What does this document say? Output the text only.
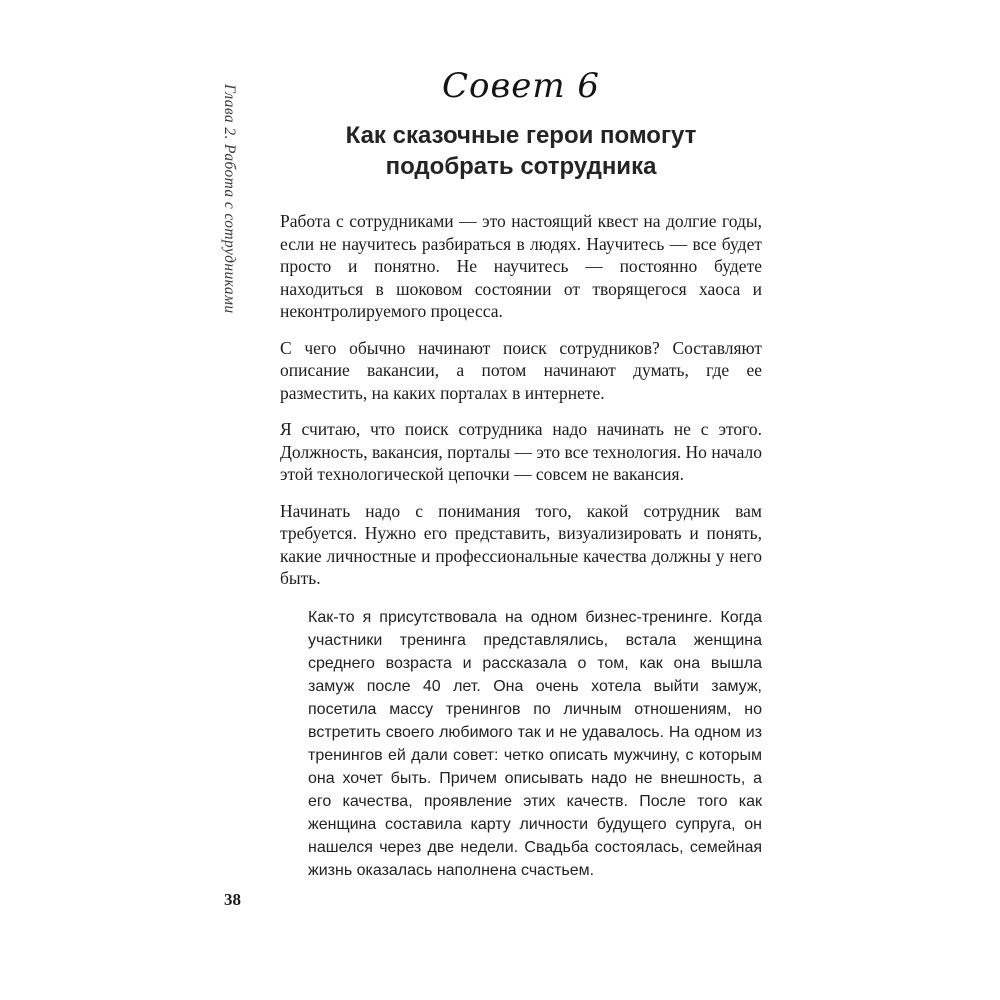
Глава 2. Работа с сотрудниками	Совет 6
Как сказочные герои помогут
подобрать сотрудника

Работа с сотрудниками — это настоящий квест на долгие годы, если не научитесь разбираться в людях. Научитесь — все будет просто и понятно. Не научитесь — постоянно будете находиться в шоковом состоянии от творящегося хаоса и неконтролируемого процесса.

С чего обычно начинают поиск сотрудников? Составляют описание вакансии, а потом начинают думать, где ее разместить, на каких порталах в интернете.

Я считаю, что поиск сотрудника надо начинать не с этого. Должность, вакансия, порталы — это все технология. Но начало этой технологической цепочки — совсем не вакансия.

Начинать надо с понимания того, какой сотрудник вам требуется. Нужно его представить, визуализировать и понять, какие личностные и профессиональные качества должны у него быть.

Как-то я присутствовала на одном бизнес-тренинге. Когда участники тренинга представлялись, встала женщина среднего возраста и рассказала о том, как она вышла замуж после 40 лет. Она очень хотела выйти замуж, посетила массу тренингов по личным отношениям, но встретить своего любимого так и не удавалось. На одном из тренингов ей дали совет: четко описать мужчину, с которым она хочет быть. Причем описывать надо не внешность, а его качества, проявление этих качеств. После того как женщина составила карту личности будущего супруга, он нашелся через две недели. Свадьба состоялась, семейная жизнь оказалась наполнена счастьем.
38
